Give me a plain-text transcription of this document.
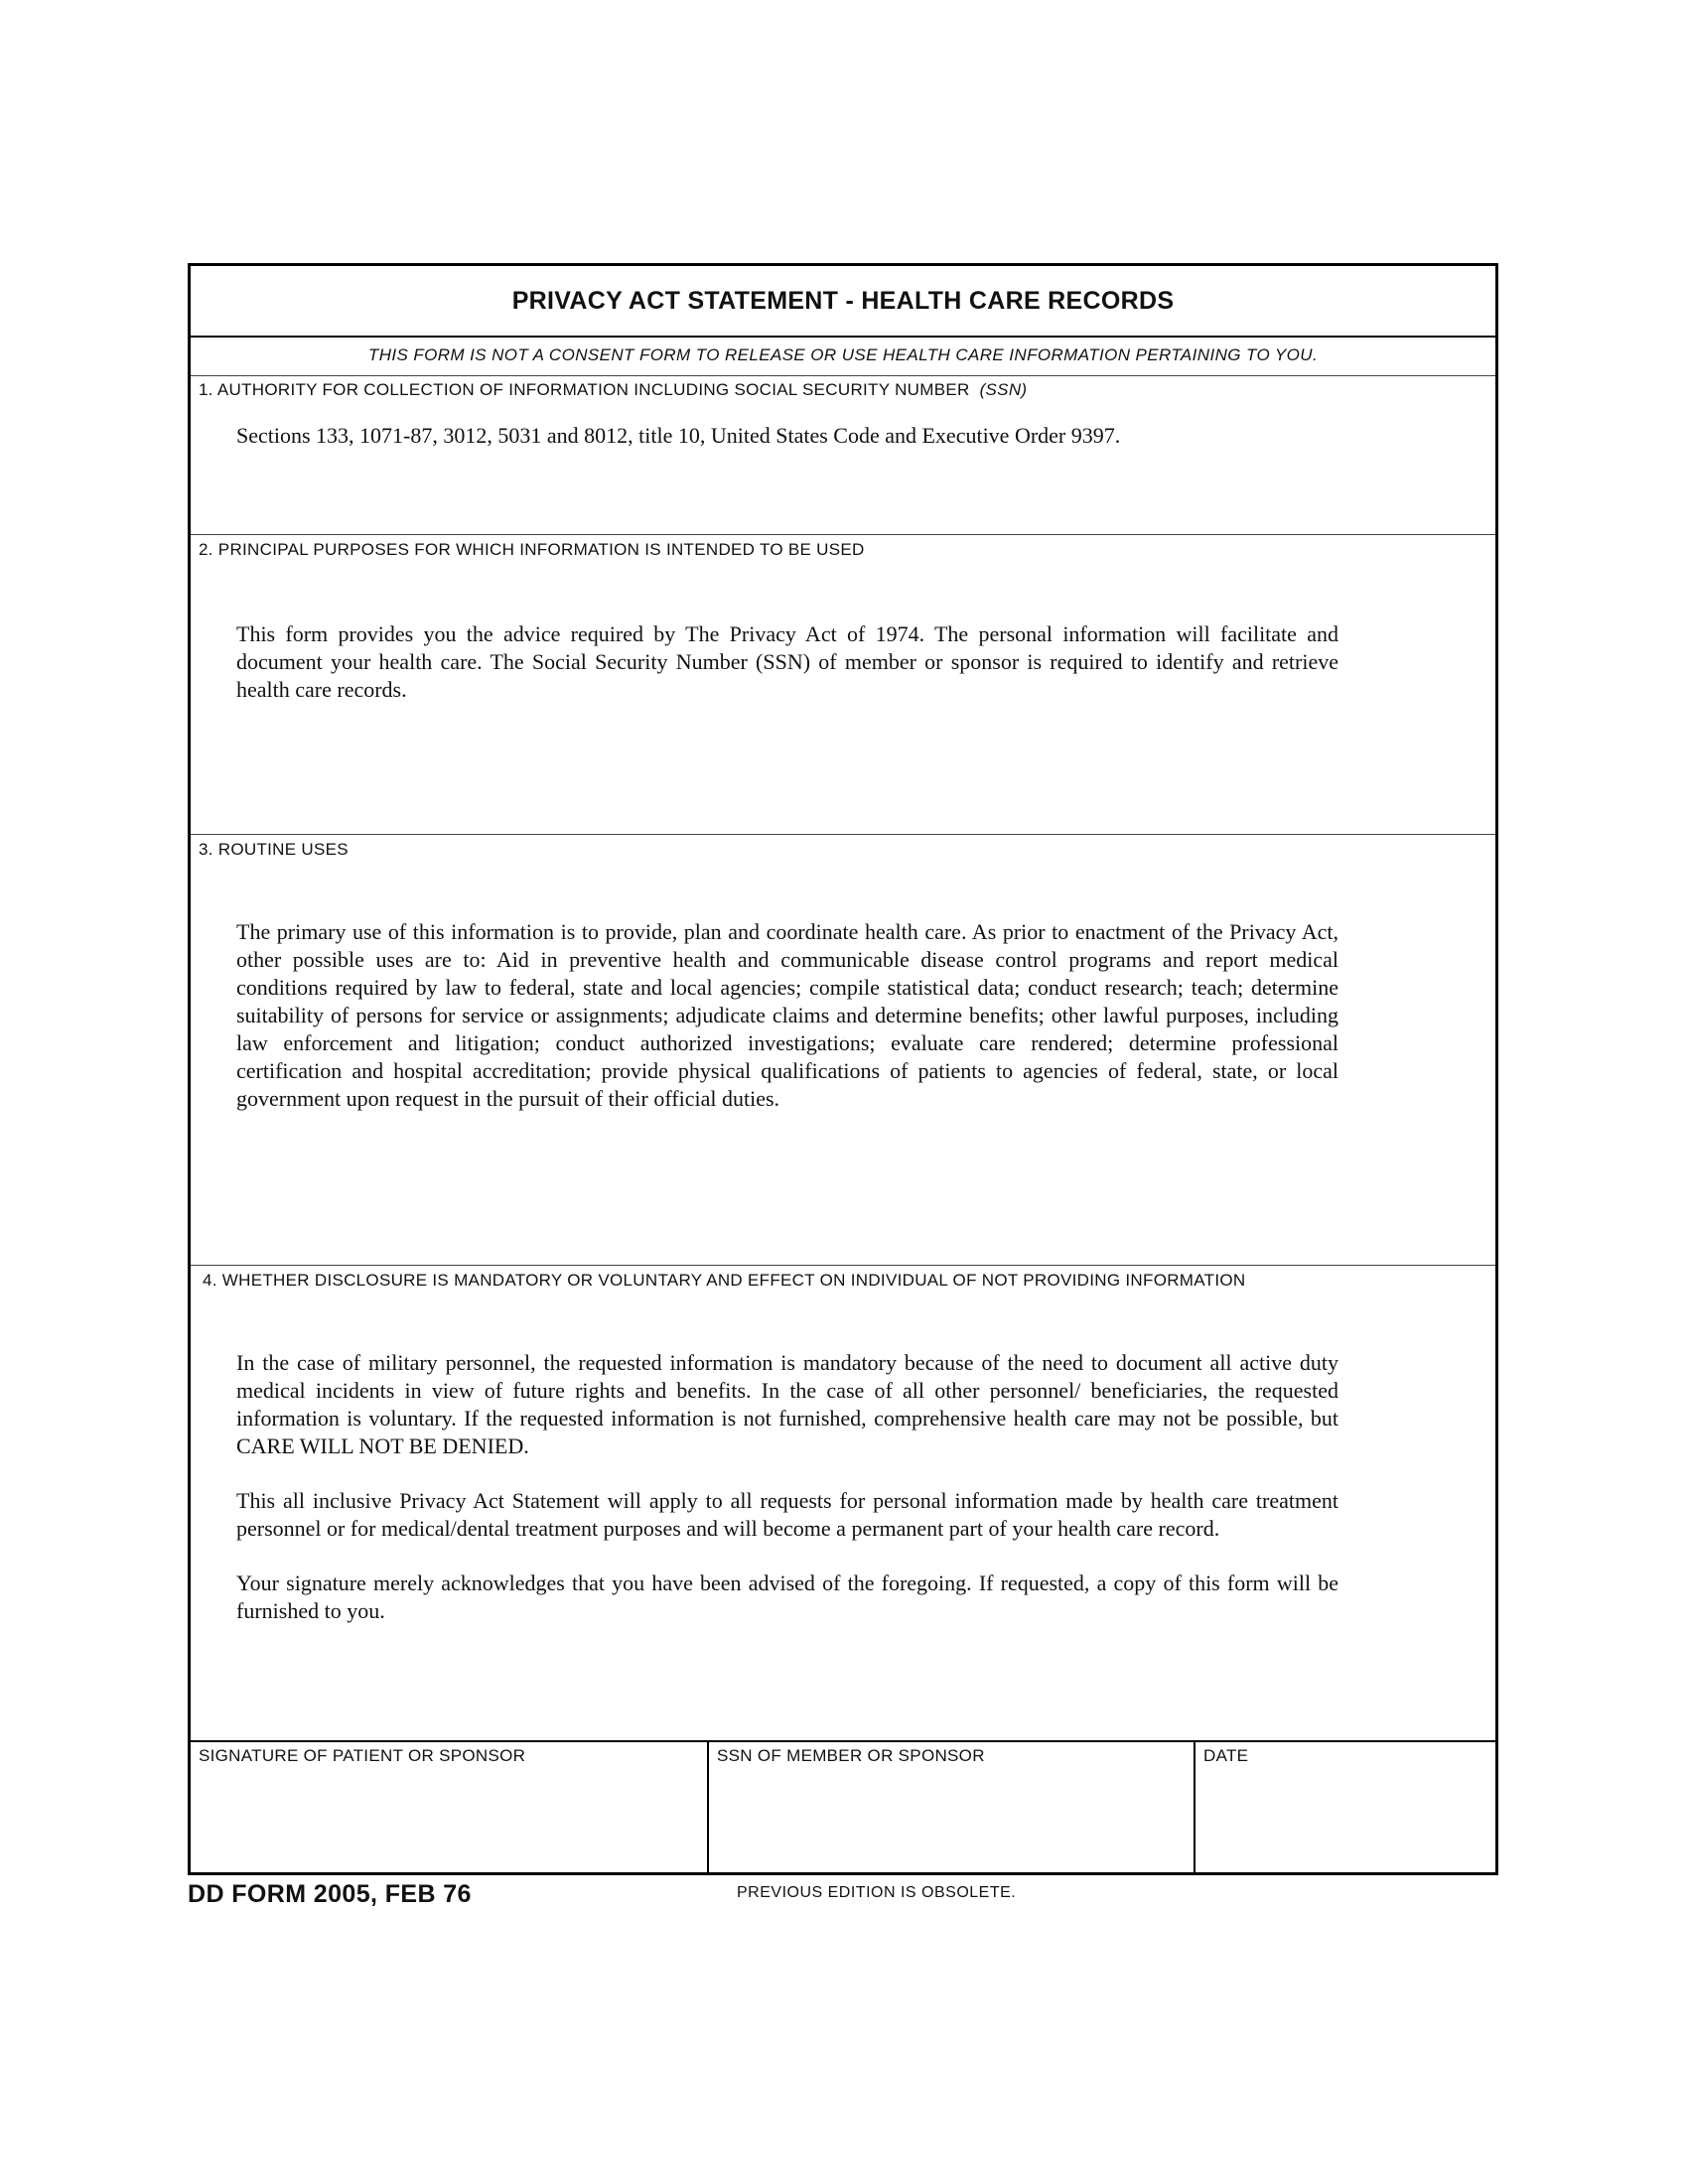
PRIVACY ACT STATEMENT - HEALTH CARE RECORDS
THIS FORM IS NOT A CONSENT FORM TO RELEASE OR USE HEALTH CARE INFORMATION PERTAINING TO YOU.
1. AUTHORITY FOR COLLECTION OF INFORMATION INCLUDING SOCIAL SECURITY NUMBER (SSN)

Sections 133, 1071-87, 3012, 5031 and 8012, title 10, United States Code and Executive Order 9397.

2. PRINCIPAL PURPOSES FOR WHICH INFORMATION IS INTENDED TO BE USED

This form provides you the advice required by The Privacy Act of 1974. The personal information will facilitate and document your health care. The Social Security Number (SSN) of member or sponsor is required to identify and retrieve health care records.

3. ROUTINE USES

The primary use of this information is to provide, plan and coordinate health care. As prior to enactment of the Privacy Act, other possible uses are to: Aid in preventive health and communicable disease control programs and report medical conditions required by law to federal, state and local agencies; compile statistical data; conduct research; teach; determine suitability of persons for service or assignments; adjudicate claims and determine benefits; other lawful purposes, including law enforcement and litigation; conduct authorized investigations; evaluate care rendered; determine professional certification and hospital accreditation; provide physical qualifications of patients to agencies of federal, state, or local government upon request in the pursuit of their official duties.

4. WHETHER DISCLOSURE IS MANDATORY OR VOLUNTARY AND EFFECT ON INDIVIDUAL OF NOT PROVIDING INFORMATION

In the case of military personnel, the requested information is mandatory because of the need to document all active duty medical incidents in view of future rights and benefits. In the case of all other personnel/ beneficiaries, the requested information is voluntary. If the requested information is not furnished, comprehensive health care may not be possible, but CARE WILL NOT BE DENIED.

This all inclusive Privacy Act Statement will apply to all requests for personal information made by health care treatment personnel or for medical/dental treatment purposes and will become a permanent part of your health care record.

Your signature merely acknowledges that you have been advised of the foregoing. If requested, a copy of this form will be furnished to you.

SIGNATURE OF PATIENT OR SPONSOR	SSN OF MEMBER OR SPONSOR	DATE
DD FORM 2005, FEB 76	PREVIOUS EDITION IS OBSOLETE.
